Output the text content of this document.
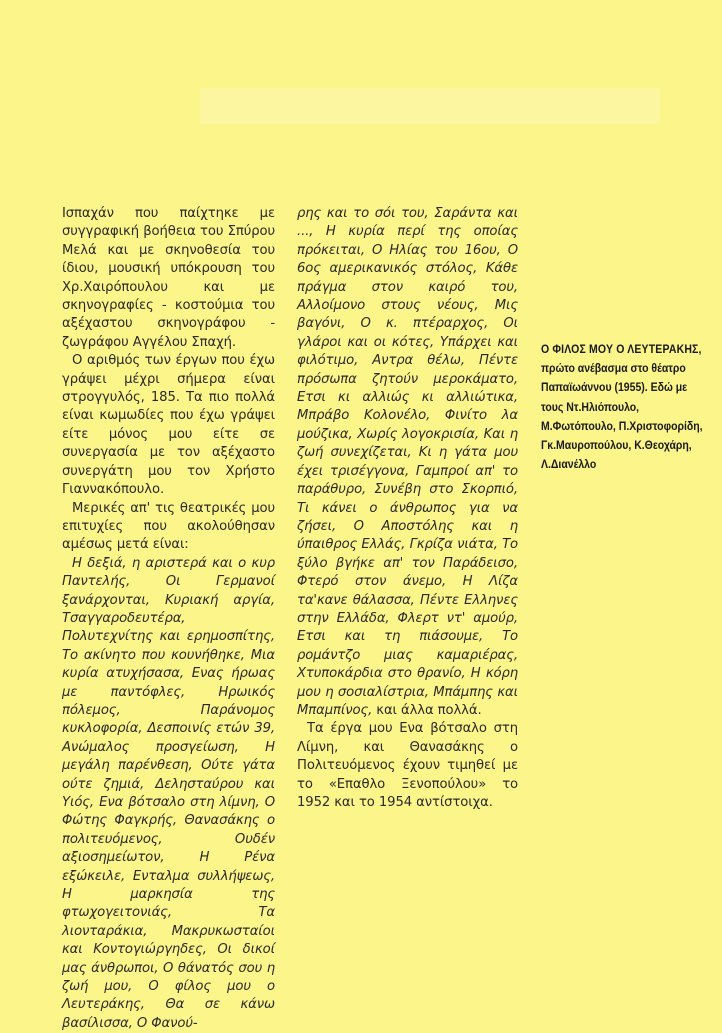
Ισπαχάν που παίχτηκε με συγγραφική βοήθεια του Σπύρου Μελά και με σκηνοθεσία του ίδιου, μουσική υπόκρουση του Χρ.Χαιρόπουλου και με σκηνογραφίες - κοστούμια του αξέχαστου σκηνογράφου - ζωγράφου Αγγέλου Σπαχή.

Ο αριθμός των έργων που έχω γράψει μέχρι σήμερα είναι στρογγυλός, 185. Τα πιο πολλά είναι κωμωδίες που έχω γράψει είτε μόνος μου είτε σε συνεργασία με τον αξέχαστο συνεργάτη μου τον Χρήστο Γιαννακόπουλο.

Μερικές απ' τις θεατρικές μου επιτυχίες που ακολούθησαν αμέσως μετά είναι:

Η δεξιά, η αριστερά και ο κυρ Παντελής, Οι Γερμανοί ξανάρχονται, Κυριακή αργία, Τσαγγαροδευτέρα, Πολυτεχνίτης και ερημοσπίτης, Το ακίνητο που κουνήθηκε, Μια κυρία ατυχήσασα, Ενας ήρωας με παντόφλες, Ηρωικός πόλεμος, Παράνομος κυκλοφορία, Δεσποινίς ετών 39, Ανώμαλος προσγείωση, Η μεγάλη παρένθεση, Ούτε γάτα ούτε ζημιά, Δελησταύρου και Υιός, Ενα βότσαλο στη λίμνη, Ο Φώτης Φαγκρής, Θανασάκης ο πολιτευόμενος, Ουδέν αξιοσημείωτον, Η Ρένα εξώκειλε, Ενταλμα συλλήψεως, Η μαρκησία της φτωχογειτονιάς, Τα λιονταράκια, Μακρυκωσταίοι και Κοντογιώργηδες, Οι δικοί μας άνθρωποι, Ο θάνατός σου η ζωή μου, Ο φίλος μου ο Λευτεράκης, Θα σε κάνω βασίλισσα, Ο Φανού-

ρης και το σόι του, Σαράντα και ..., Η κυρία περί της οποίας πρόκειται, Ο Ηλίας του 16ου, Ο 6ος αμερικανικός στόλος, Κάθε πράγμα στον καιρό του, Αλλοίμονο στους νέους, Μις βαγόνι, Ο κ. πτέραρχος, Οι γλάροι και οι κότες, Υπάρχει και φιλότιμο, Αντρα θέλω, Πέντε πρόσωπα ζητούν μεροκάματο, Ετσι κι αλλιώς κι αλλιώτικα, Μπράβο Κολονέλο, Φινίτο λα μούζικα, Χωρίς λογοκρισία, Και η ζωή συνεχίζεται, Κι η γάτα μου έχει τρισέγγονα, Γαμπροί απ' το παράθυρο, Συνέβη στο Σκορπιό, Τι κάνει ο άνθρωπος για να ζήσει, Ο Αποστόλης και η ύπαιθρος Ελλάς, Γκρίζα νιάτα, Το ξύλο βγήκε απ' τον Παράδεισο, Φτερό στον άνεμο, Η Λίζα τα'κανε θάλασσα, Πέντε Ελληνες στην Ελλάδα, Φλερτ ντ' αμούρ, Ετσι και τη πιάσουμε, Το ρομάντζο μιας καμαριέρας, Χτυποκάρδια στο θρανίο, Η κόρη μου η σοσιαλίστρια, Μπάμπης και Μπαμπίνος, και άλλα πολλά.

Τα έργα μου Ενα βότσαλο στη Λίμνη, και Θανασάκης ο Πολιτευόμενος έχουν τιμηθεί με το «Επαθλο Ξενοπούλου» το 1952 και το 1954 αντίστοιχα.

Ο ΦΙΛΟΣ ΜΟΥ Ο ΛΕΥΤΕΡΑΚΗΣ, πρώτο ανέβασμα στο θέατρο Παπαϊωάννου (1955). Εδώ με τους Ντ.Ηλιόπουλο, Μ.Φωτόπουλο, Π.Χριστοφορίδη, Γκ.Μαυροπούλου, Κ.Θεοχάρη, Λ.Διανέλλο
